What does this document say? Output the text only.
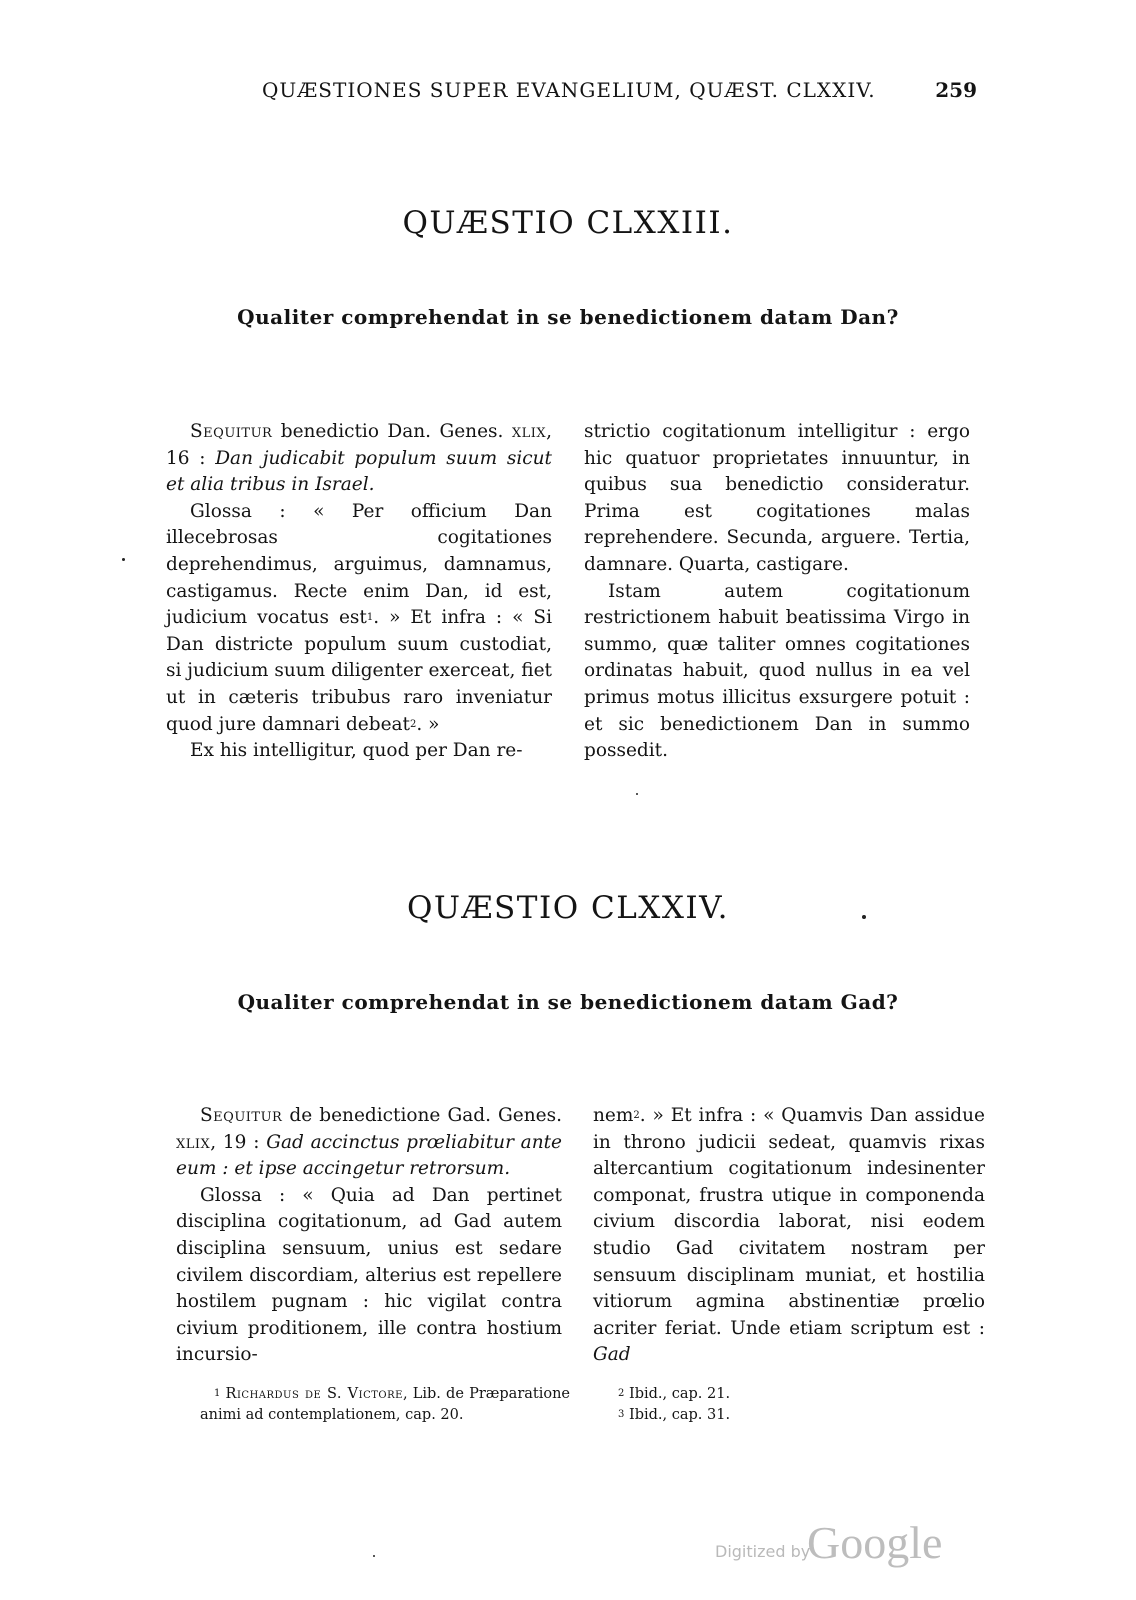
QUÆSTIONES SUPER EVANGELIUM, QUÆST. CLXXIV.	259
QUÆSTIO CLXXIII.
Qualiter comprehendat in se benedictionem datam Dan?

Sequitur benedictio Dan. Genes. xlix, 16 : Dan judicabit populum suum sicut et alia tribus in Israel.

Glossa : « Per officium Dan illecebrosas cogitationes deprehendimus, arguimus, damnamus, castigamus. Recte enim Dan, id est, judicium vocatus est$^1$. » Et infra : « Si Dan districte populum suum custodiat, si judicium suum diligenter exerceat, fiet ut in cæteris tribubus raro inveniatur quod jure damnari debeat$^2$. »

Ex his intelligitur, quod per Dan re-

strictio cogitationum intelligitur : ergo hic quatuor proprietates innuuntur, in quibus sua benedictio consideratur. Prima est cogitationes malas reprehendere. Secunda, arguere. Tertia, damnare. Quarta, castigare.

Istam autem cogitationum restrictionem habuit beatissima Virgo in summo, quæ taliter omnes cogitationes ordinatas habuit, quod nullus in ea vel primus motus illicitus exsurgere potuit : et sic benedictionem Dan in summo possedit.

QUÆSTIO CLXXIV.
Qualiter comprehendat in se benedictionem datam Gad?

Sequitur de benedictione Gad. Genes. xlix, 19 : Gad accinctus prœliabitur ante eum : et ipse accingetur retrorsum.

Glossa : « Quia ad Dan pertinet disciplina cogitationum, ad Gad autem disciplina sensuum, unius est sedare civilem discordiam, alterius est repellere hostilem pugnam : hic vigilat contra civium proditionem, ille contra hostium incursio-

nem$^2$. » Et infra : « Quamvis Dan assidue in throno judicii sedeat, quamvis rixas altercantium cogitationum indesinenter componat, frustra utique in componenda civium discordia laborat, nisi eodem studio Gad civitatem nostram per sensuum disciplinam muniat, et hostilia vitiorum agmina abstinentiæ prœlio acriter feriat. Unde etiam scriptum est : Gad

$^1$ Richardus de S. Victore, Lib. de Præparatione animi ad contemplationem, cap. 20.

$^2$ Ibid., cap. 21.

$^3$ Ibid., cap. 31.

Digitized by
Google
